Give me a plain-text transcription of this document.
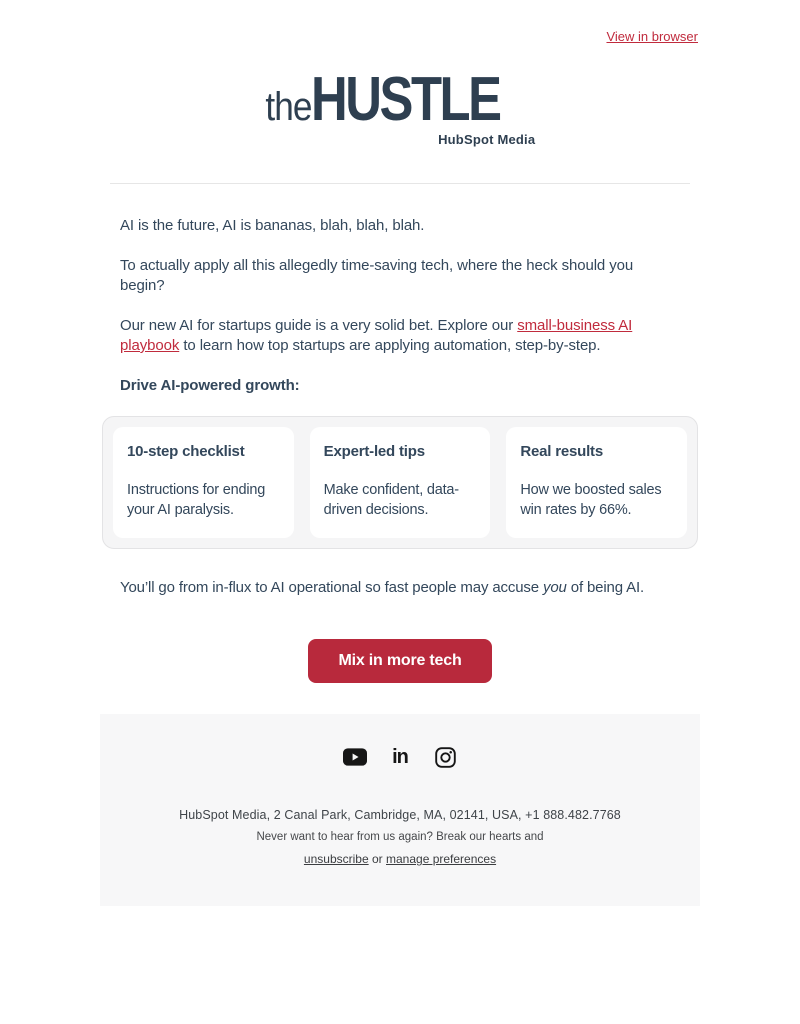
View in browser
the HUSTLE
HubSpot Media

AI is the future, AI is bananas, blah, blah, blah.

To actually apply all this allegedly time-saving tech, where the heck should you begin?

Our new AI for startups guide is a very solid bet. Explore our small-business AI playbook to learn how top startups are applying automation, step-by-step.

Drive AI-powered growth:

10-step checklist
Instructions for ending your AI paralysis.
Expert-led tips
Make confident, data-driven decisions.
Real results
How we boosted sales win rates by 66%.

You’ll go from in-flux to AI operational so fast people may accuse you of being AI.

Mix in more tech
in
HubSpot Media, 2 Canal Park, Cambridge, MA, 02141, USA, +1 888.482.7768
Never want to hear from us again? Break our hearts and
unsubscribe or manage preferences
